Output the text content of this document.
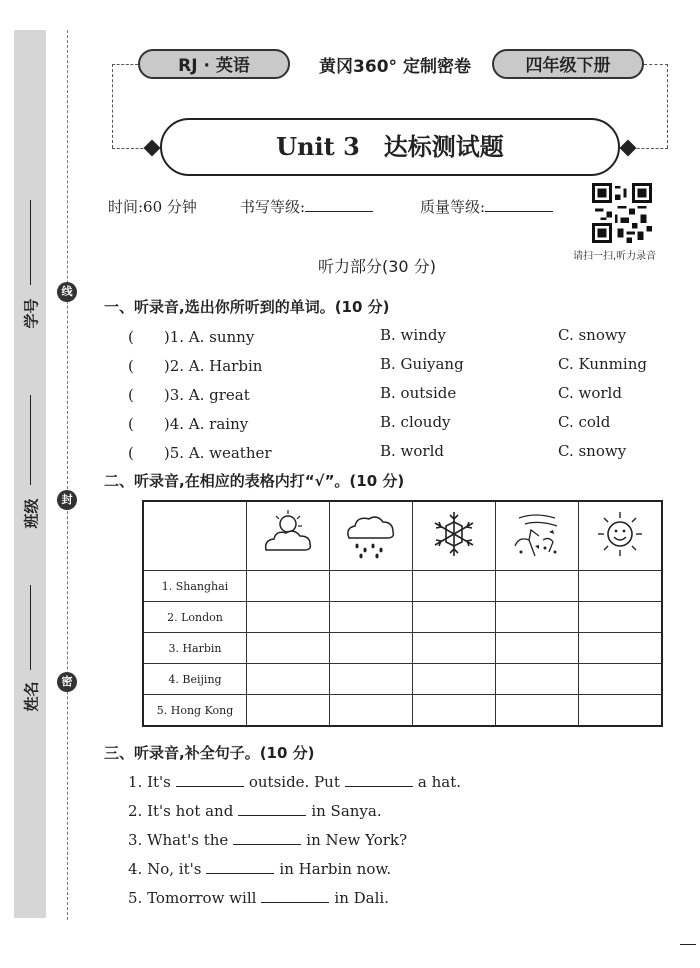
学号
班级
姓名
线
封
密
RJ · 英语	黄冈360° 定制密卷	四年级下册
Unit 3　达标测试题
时间:60 分钟	书写等级:	质量等级:
请扫一扫,听力录音
听力部分(30 分)
一、听录音,选出你所听到的单词。(10 分)
(　　)1. A. sunny	B. windy	C. snowy
(　　)2. A. Harbin	B. Guiyang	C. Kunming
(　　)3. A. great	B. outside	C. world
(　　)4. A. rainy	B. cloudy	C. cold
(　　)5. A. weather	B. world	C. snowy
二、听录音,在相应的表格内打“√”。(10 分)

1. Shanghai					
2. London					
3. Harbin					
4. Beijing					
5. Hong Kong					
三、听录音,补全句子。(10 分)
1. It's	outside. Put	a hat.
2. It's hot and	in Sanya.
3. What's the	in New York?
4. No, it's	in Harbin now.
5. Tomorrow will	in Dali.
